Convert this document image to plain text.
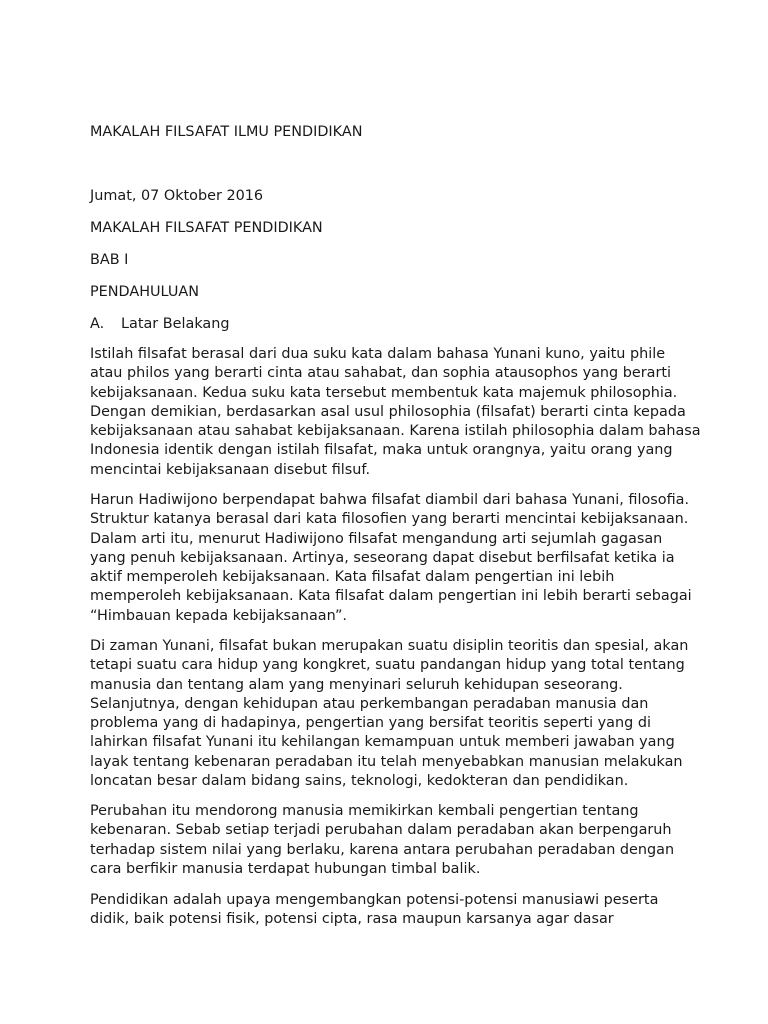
MAKALAH FILSAFAT ILMU PENDIDIKAN

Jumat, 07 Oktober 2016

MAKALAH FILSAFAT PENDIDIKAN

BAB I

PENDAHULUAN

A. Latar Belakang

Istilah filsafat berasal dari dua suku kata dalam bahasa Yunani kuno, yaitu phile
atau philos yang berarti cinta atau sahabat, dan sophia atausophos yang berarti
kebijaksanaan. Kedua suku kata tersebut membentuk kata majemuk philosophia.
Dengan demikian, berdasarkan asal usul philosophia (filsafat) berarti cinta kepada
kebijaksanaan atau sahabat kebijaksanaan. Karena istilah philosophia dalam bahasa
Indonesia identik dengan istilah filsafat, maka untuk orangnya, yaitu orang yang
mencintai kebijaksanaan disebut filsuf.
Harun Hadiwijono berpendapat bahwa filsafat diambil dari bahasa Yunani, filosofia.
Struktur katanya berasal dari kata filosofien yang berarti mencintai kebijaksanaan.
Dalam arti itu, menurut Hadiwijono filsafat mengandung arti sejumlah gagasan
yang penuh kebijaksanaan. Artinya, seseorang dapat disebut berfilsafat ketika ia
aktif memperoleh kebijaksanaan. Kata filsafat dalam pengertian ini lebih
memperoleh kebijaksanaan. Kata filsafat dalam pengertian ini lebih berarti sebagai
“Himbauan kepada kebijaksanaan”.
Di zaman Yunani, filsafat bukan merupakan suatu disiplin teoritis dan spesial, akan
tetapi suatu cara hidup yang kongkret, suatu pandangan hidup yang total tentang
manusia dan tentang alam yang menyinari seluruh kehidupan seseorang.
Selanjutnya, dengan kehidupan atau perkembangan peradaban manusia dan
problema yang di hadapinya, pengertian yang bersifat teoritis seperti yang di
lahirkan filsafat Yunani itu kehilangan kemampuan untuk memberi jawaban yang
layak tentang kebenaran peradaban itu telah menyebabkan manusian melakukan
loncatan besar dalam bidang sains, teknologi, kedokteran dan pendidikan.
Perubahan itu mendorong manusia memikirkan kembali pengertian tentang
kebenaran. Sebab setiap terjadi perubahan dalam peradaban akan berpengaruh
terhadap sistem nilai yang berlaku, karena antara perubahan peradaban dengan
cara berfikir manusia terdapat hubungan timbal balik.
Pendidikan adalah upaya mengembangkan potensi-potensi manusiawi peserta
didik, baik potensi fisik, potensi cipta, rasa maupun karsanya agar dasar
